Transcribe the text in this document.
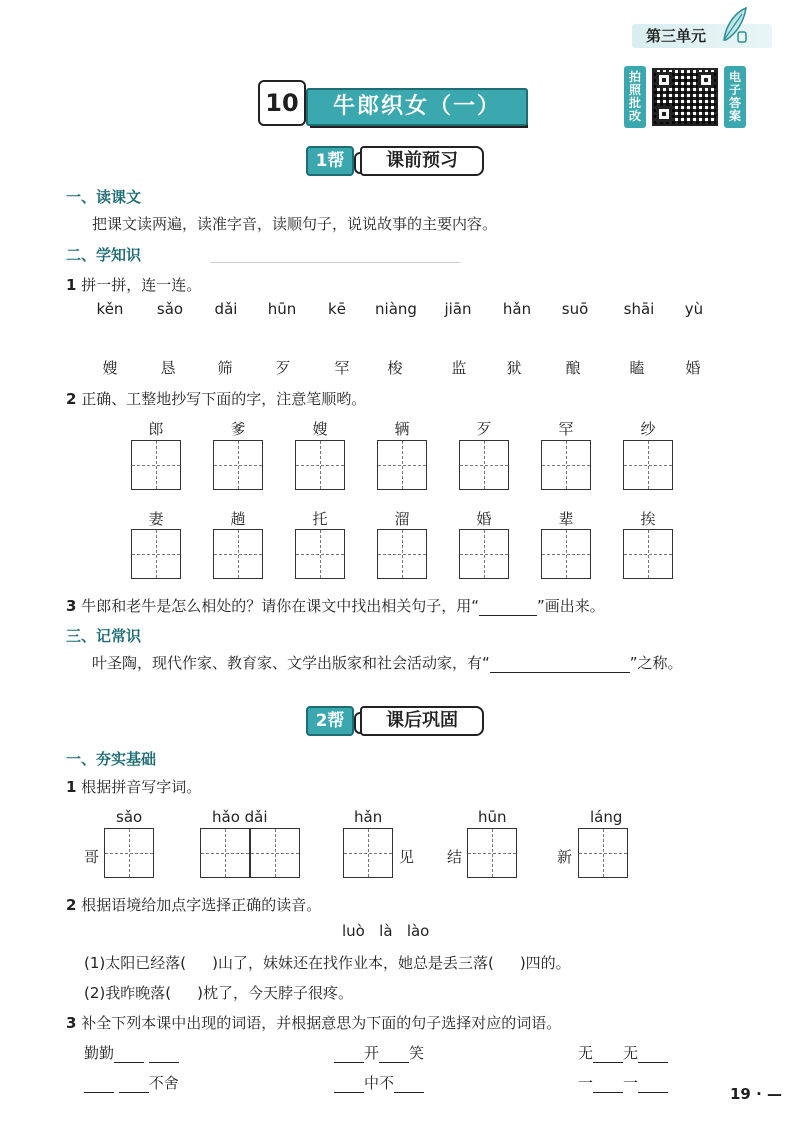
第三单元
10	牛郎织女（一）
拍照批改
电子答案
1帮	课前预习
一、读课文
把课文读两遍，读准字音，读顺句子，说说故事的主要内容。
二、学知识
1 拼一拼，连一连。
kěn	sǎo	dǎi	hūn	kē	niàng	jiān	hǎn	suō	shāi	yù
嫂	恳	筛	歹	罕	梭	监	狱	酿	瞌	婚
2 正确、工整地抄写下面的字，注意笔顺哟。
郎	爹	嫂	辆	歹	罕	纱
妻	趟	托	溜	婚	辈	挨
3 牛郎和老牛是怎么相处的？请你在课文中找出相关句子，用“	”画出来。
三、记常识
叶圣陶，现代作家、教育家、文学出版家和社会活动家，有“	”之称。
2帮	课后巩固
一、夯实基础
1 根据拼音写字词。
sǎo
哥
hǎo dǎi	hǎn
见
hūn
结
láng
新
2 根据语境给加点字选择正确的读音。
luò   là   lào
(1)太阳已经落( )山了，妹妹还在找作业本，她总是丢三落( )四的。
(2)我昨晚落( )枕了，今天脖子很疼。
3 补全下列本课中出现的词语，并根据意思为下面的句子选择对应的词语。
勤勤	开 笑	无 无
不舍	中不	一 一
19 · —
